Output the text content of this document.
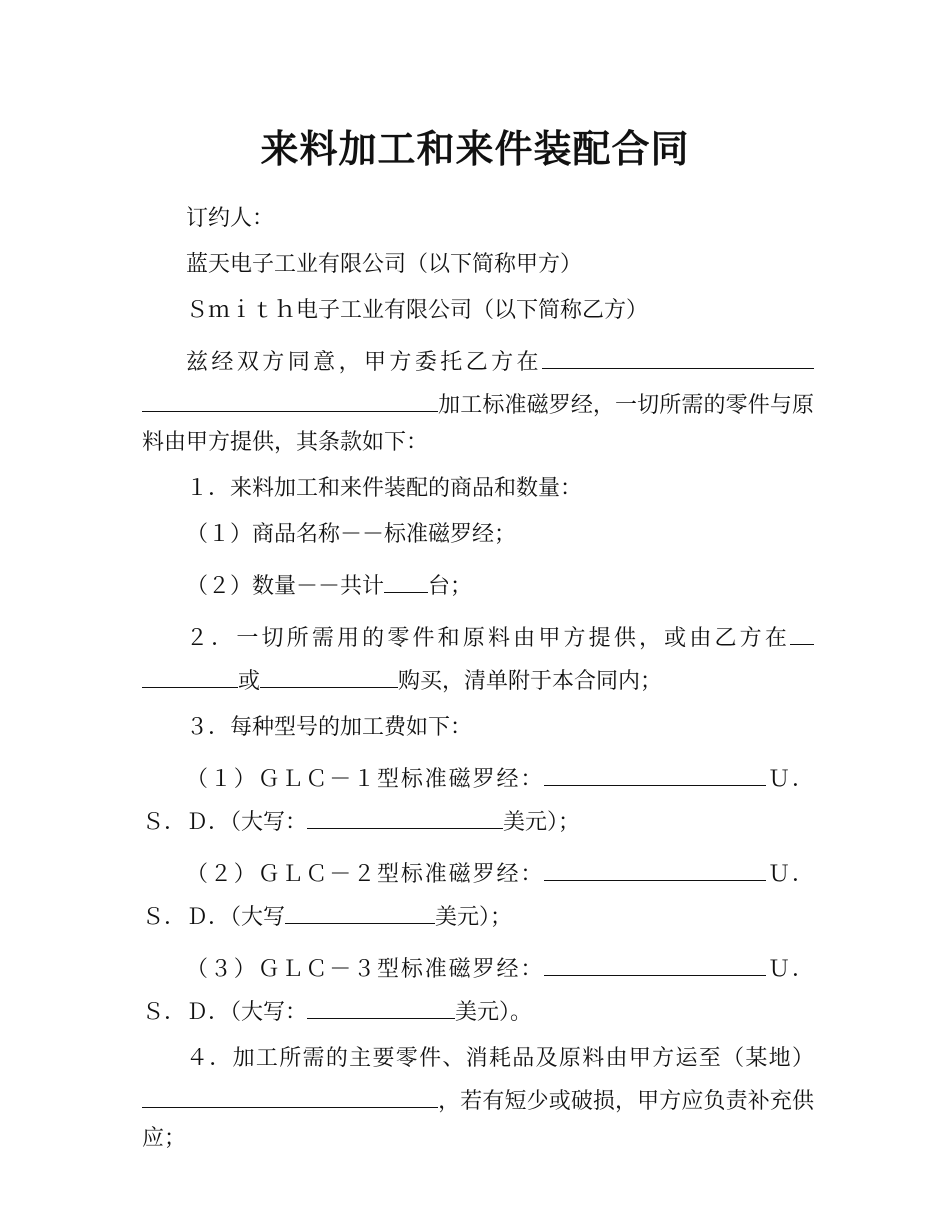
来料加工和来件装配合同

订约人：

蓝天电子工业有限公司（以下简称甲方）

Ｓｍｉｔｈ电子工业有限公司（以下简称乙方）

兹经双方同意，甲方委托乙方在加工标准磁罗经，一切所需的零件与原料由甲方提供，其条款如下：

１．来料加工和来件装配的商品和数量：

（１）商品名称－－标准磁罗经；

（２）数量－－共计 台；

２．一切所需用的零件和原料由甲方提供，或由乙方在或	购买，清单附于本合同内；

３．每种型号的加工费如下：

（１）ＧＬＣ－１型标准磁罗经：	Ｕ．Ｓ．Ｄ．（大写：	美元）；

（２）ＧＬＣ－２型标准磁罗经：	Ｕ．Ｓ．Ｄ．（大写	美元）；

（３）ＧＬＣ－３型标准磁罗经：	Ｕ．Ｓ．Ｄ．（大写：	美元）。

４．加工所需的主要零件、消耗品及原料由甲方运至（某地），若有短少或破损，甲方应负责补充供应；
